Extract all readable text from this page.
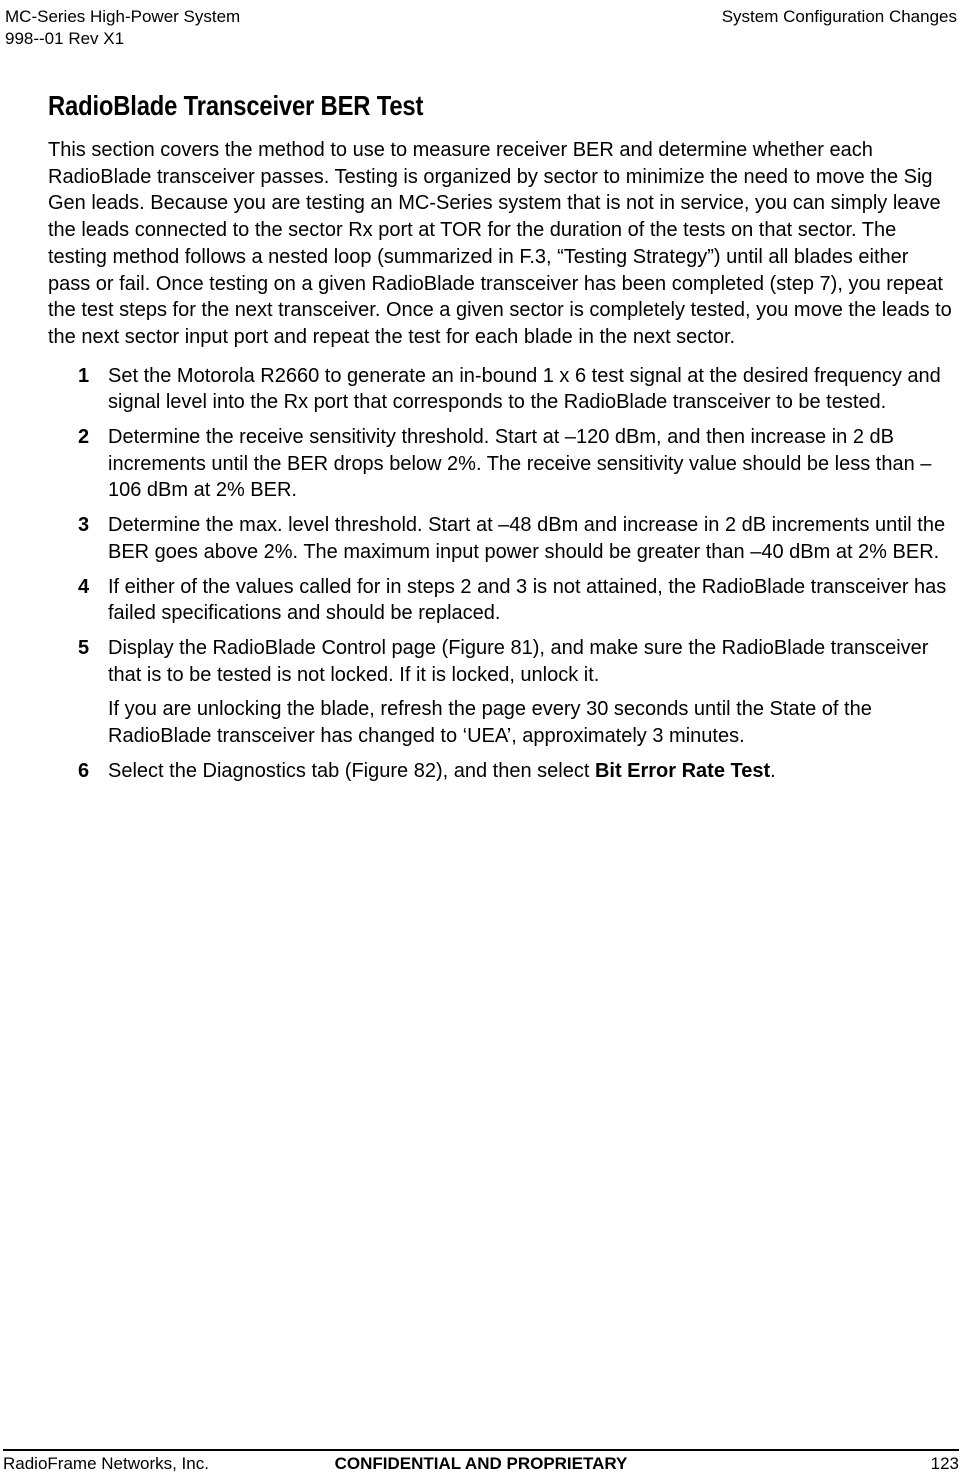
MC-Series High-Power System
998--01 Rev X1
System Configuration Changes
RadioBlade Transceiver BER Test

This section covers the method to use to measure receiver BER and determine whether each RadioBlade transceiver passes. Testing is organized by sector to minimize the need to move the Sig Gen leads. Because you are testing an MC-Series system that is not in service, you can simply leave the leads connected to the sector Rx port at TOR for the duration of the tests on that sector. The testing method follows a nested loop (summarized in F.3, “Testing Strategy”) until all blades either pass or fail. Once testing on a given RadioBlade transceiver has been completed (step 7), you repeat the test steps for the next transceiver. Once a given sector is completely tested, you move the leads to the next sector input port and repeat the test for each blade in the next sector.

1 Set the Motorola R2660 to generate an in-bound 1 x 6 test signal at the desired frequency and signal level into the Rx port that corresponds to the RadioBlade transceiver to be tested.

2 Determine the receive sensitivity threshold. Start at –120 dBm, and then increase in 2 dB increments until the BER drops below 2%. The receive sensitivity value should be less than –106 dBm at 2% BER.

3 Determine the max. level threshold. Start at –48 dBm and increase in 2 dB increments until the BER goes above 2%. The maximum input power should be greater than –40 dBm at 2% BER.

4 If either of the values called for in steps 2 and 3 is not attained, the RadioBlade transceiver has failed specifications and should be replaced.

5 Display the RadioBlade Control page (Figure 81), and make sure the RadioBlade transceiver that is to be tested is not locked. If it is locked, unlock it.

If you are unlocking the blade, refresh the page every 30 seconds until the State of the RadioBlade transceiver has changed to ‘UEA’, approximately 3 minutes.

6 Select the Diagnostics tab (Figure 82), and then select Bit Error Rate Test.

RadioFrame Networks, Inc.	CONFIDENTIAL AND PROPRIETARY	123
